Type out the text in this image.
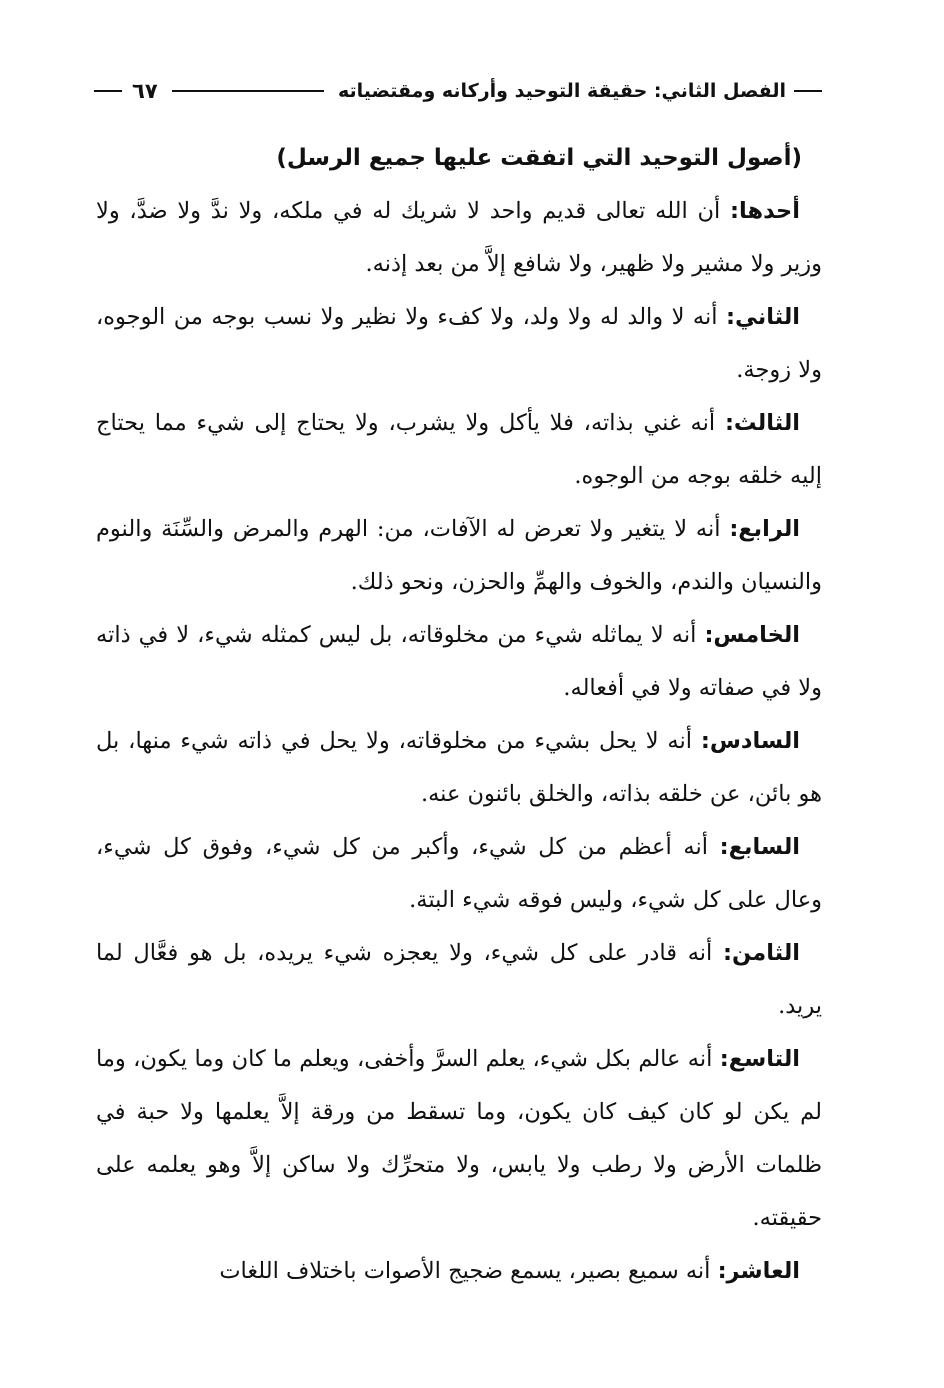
الفصل الثاني: حقيقة التوحيد وأركانه ومقتضياته
٦٧

(أصول التوحيد التي اتفقت عليها جميع الرسل)

أحدها: أن الله تعالى قديم واحد لا شريك له في ملكه، ولا ندَّ ولا ضدَّ، ولا وزير ولا مشير ولا ظهير، ولا شافع إلاَّ من بعد إذنه.

الثاني: أنه لا والد له ولا ولد، ولا كفء ولا نظير ولا نسب بوجه من الوجوه، ولا زوجة.

الثالث: أنه غني بذاته، فلا يأكل ولا يشرب، ولا يحتاج إلى شيء مما يحتاج إليه خلقه بوجه من الوجوه.

الرابع: أنه لا يتغير ولا تعرض له الآفات، من: الهرم والمرض والسِّنَة والنوم والنسيان والندم، والخوف والهمِّ والحزن، ونحو ذلك.

الخامس: أنه لا يماثله شيء من مخلوقاته، بل ليس كمثله شيء، لا في ذاته ولا في صفاته ولا في أفعاله.

السادس: أنه لا يحل بشيء من مخلوقاته، ولا يحل في ذاته شيء منها، بل هو بائن، عن خلقه بذاته، والخلق بائنون عنه.

السابع: أنه أعظم من كل شيء، وأكبر من كل شيء، وفوق كل شيء، وعال على كل شيء، وليس فوقه شيء البتة.

الثامن: أنه قادر على كل شيء، ولا يعجزه شيء يريده، بل هو فعَّال لما يريد.

التاسع: أنه عالم بكل شيء، يعلم السرَّ وأخفى، ويعلم ما كان وما يكون، وما لم يكن لو كان كيف كان يكون، وما تسقط من ورقة إلاَّ يعلمها ولا حبة في ظلمات الأرض ولا رطب ولا يابس، ولا متحرِّك ولا ساكن إلاَّ وهو يعلمه على حقيقته.

العاشر: أنه سميع بصير، يسمع ضجيج الأصوات باختلاف اللغات
